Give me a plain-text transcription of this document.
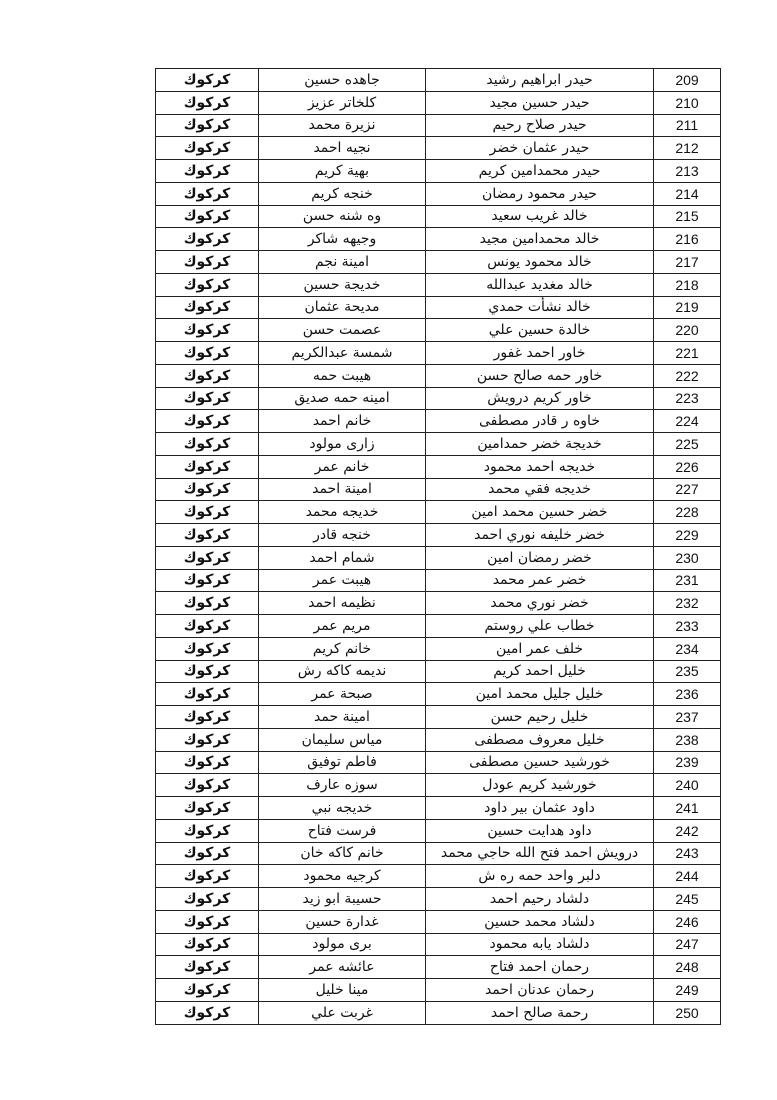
كركوك	جاهده حسين	حيدر ابراهيم رشيد	209
كركوك	كلخاتر عزيز	حيدر حسين مجيد	210
كركوك	نزيرة محمد	حيدر صلاح رحيم	211
كركوك	نجيه احمد	حيدر عثمان خضر	212
كركوك	بهية كريم	حيدر محمدامين كريم	213
كركوك	خنجه كريم	حيدر محمود رمضان	214
كركوك	وه شنه حسن	خالد غريب سعيد	215
كركوك	وجيهه شاكر	خالد محمدامين مجيد	216
كركوك	امينة نجم	خالد محمود يونس	217
كركوك	خديجة حسين	خالد مغديد عبدالله	218
كركوك	مديحة عثمان	خالد نشأت حمدي	219
كركوك	عصمت حسن	خالدة حسين علي	220
كركوك	شمسة عبدالكريم	خاور احمد غفور	221
كركوك	هيبت حمه	خاور حمه صالح حسن	222
كركوك	امينه حمه صديق	خاور كريم درويش	223
كركوك	خانم احمد	خاوه ر قادر مصطفى	224
كركوك	زارى مولود	خديجة خضر حمدامين	225
كركوك	خانم عمر	خديجه احمد محمود	226
كركوك	امينة احمد	خديجه فقي محمد	227
كركوك	خديجه محمد	خضر حسين محمد امين	228
كركوك	خنجه قادر	خضر خليفه نوري احمد	229
كركوك	شمام احمد	خضر رمضان امين	230
كركوك	هيبت عمر	خضر عمر محمد	231
كركوك	نظيمه احمد	خضر نوري محمد	232
كركوك	مريم عمر	خطاب علي روستم	233
كركوك	خانم كريم	خلف عمر امين	234
كركوك	نديمه كاكه رش	خليل احمد كريم	235
كركوك	صبحة عمر	خليل جليل محمد امين	236
كركوك	امينة حمد	خليل رحيم حسن	237
كركوك	مياس سليمان	خليل معروف مصطفى	238
كركوك	فاطم توفيق	خورشيد حسين مصطفى	239
كركوك	سوزه عارف	خورشيد كريم عودل	240
كركوك	خديجه نبي	داود عثمان بير داود	241
كركوك	فرست فتاح	داود هدايت حسين	242
كركوك	خانم كاكه خان	درويش احمد فتح الله حاجي محمد	243
كركوك	كرجيه محمود	دلبر واحد حمه ره ش	244
كركوك	حسيبة ابو زيد	دلشاد رحيم احمد	245
كركوك	غدارة حسين	دلشاد محمد حسين	246
كركوك	برى مولود	دلشاد يابه محمود	247
كركوك	عائشه عمر	رحمان احمد فتاح	248
كركوك	مينا خليل	رحمان عدنان احمد	249
كركوك	غربت علي	رحمة صالح احمد	250
